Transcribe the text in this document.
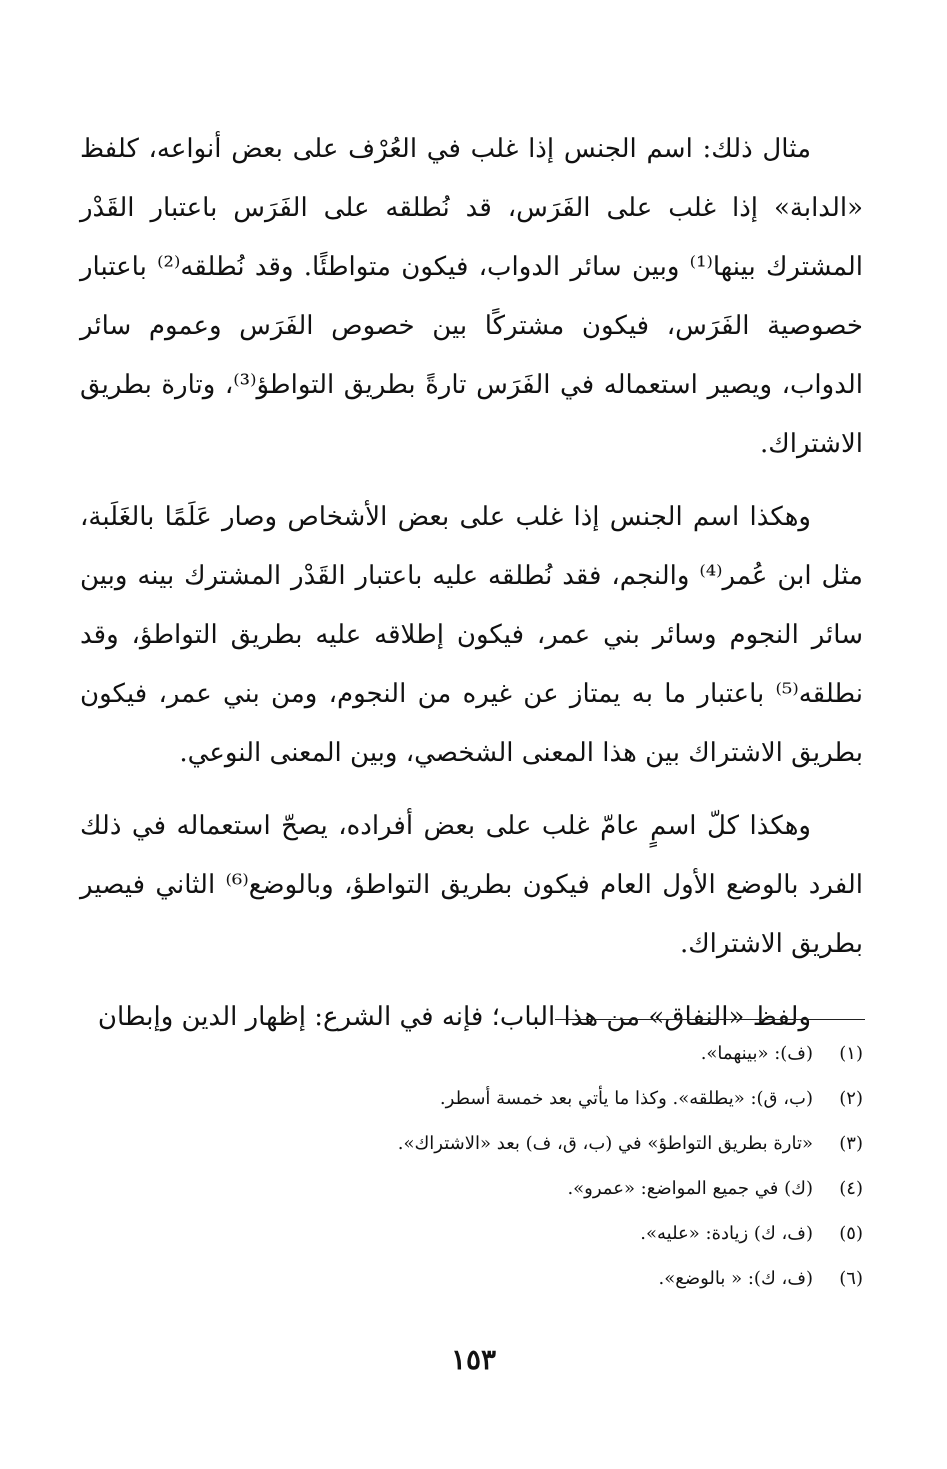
مثال ذلك: اسم الجنس إذا غلب في العُرْف على بعض أنواعه، كلفظ «الدابة» إذا غلب على الفَرَس، قد نُطلقه على الفَرَس باعتبار القَدْر المشترك بينها⁽¹⁾ وبين سائر الدواب، فيكون متواطئًا. وقد نُطلقه⁽²⁾ باعتبار خصوصية الفَرَس، فيكون مشتركًا بين خصوص الفَرَس وعموم سائر الدواب، ويصير استعماله في الفَرَس تارةً بطريق التواطؤ⁽³⁾، وتارة بطريق الاشتراك.

وهكذا اسم الجنس إذا غلب على بعض الأشخاص وصار عَلَمًا بالغَلَبة، مثل ابن عُمر⁽⁴⁾ والنجم، فقد نُطلقه عليه باعتبار القَدْر المشترك بينه وبين سائر النجوم وسائر بني عمر، فيكون إطلاقه عليه بطريق التواطؤ، وقد نطلقه⁽⁵⁾ باعتبار ما به يمتاز عن غيره من النجوم، ومن بني عمر، فيكون بطريق الاشتراك بين هذا المعنى الشخصي، وبين المعنى النوعي.

وهكذا كلّ اسمٍ عامّ غلب على بعض أفراده، يصحّ استعماله في ذلك الفرد بالوضع الأول العام فيكون بطريق التواطؤ، وبالوضع⁽⁶⁾ الثاني فيصير بطريق الاشتراك.

ولفظ «النفاق» من هذا الباب؛ فإنه في الشرع: إظهار الدين وإبطان

(١)
(ف): «بينهما».
(٢)
(ب، ق): «يطلقه». وكذا ما يأتي بعد خمسة أسطر.
(٣)
«تارة بطريق التواطؤ» في (ب، ق، ف) بعد «الاشتراك».
(٤)
(ك) في جميع المواضع: «عمرو».
(٥)
(ف، ك) زيادة: «عليه».
(٦)
(ف، ك): « بالوضع».
١٥٣
